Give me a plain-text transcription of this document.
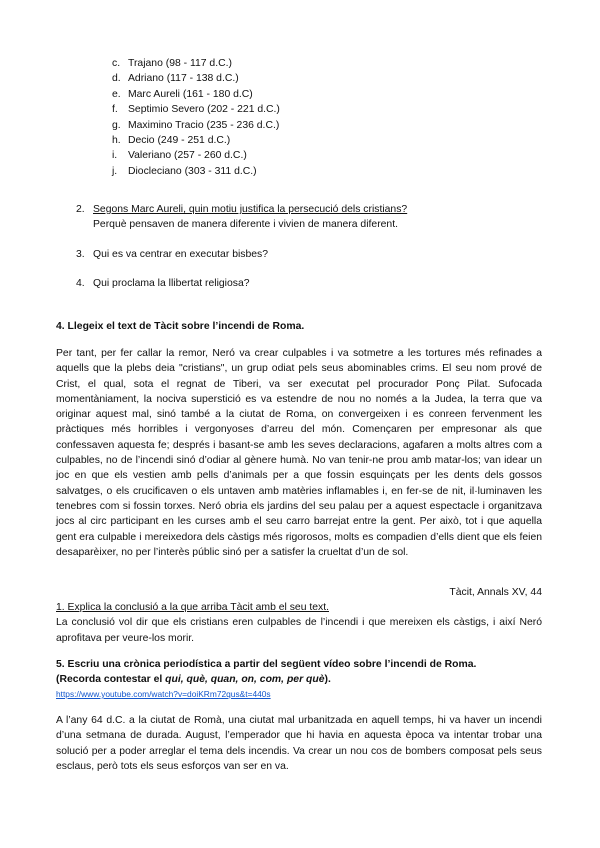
c. Trajano (98 - 117 d.C.)
d. Adriano (117 - 138 d.C.)
e. Marc Aureli (161 - 180 d.C)
f. Septimio Severo (202 - 221 d.C.)
g. Maximino Tracio (235 - 236 d.C.)
h. Decio (249 - 251 d.C.)
i. Valeriano (257 - 260 d.C.)
j. Diocleciano (303 - 311 d.C.)
2. Segons Marc Aureli, quin motiu justifica la persecució dels cristians?
Perquè pensaven de manera diferente i vivien de manera diferent.
3. Qui es va centrar en executar bisbes?
4. Qui proclama la llibertat religiosa?
4. Llegeix el text de Tàcit sobre l’incendi de Roma.

Per tant, per fer callar la remor, Neró va crear culpables i va sotmetre a les tortures més refinades a aquells que la plebs deia "cristians", un grup odiat pels seus abominables crims. El seu nom prové de Crist, el qual, sota el regnat de Tiberi, va ser executat pel procurador Ponç Pilat. Sufocada momentàniament, la nociva superstició es va estendre de nou no només a la Judea, la terra que va originar aquest mal, sinó també a la ciutat de Roma, on convergeixen i es conreen fervenment les pràctiques més horribles i vergonyoses d’arreu del món. Començaren per empresonar als que confessaven aquesta fe; després i basant-se amb les seves declaracions, agafaren a molts altres com a culpables, no de l’incendi sinó d’odiar al gènere humà. No van tenir-ne prou amb matar-los; van idear un joc en que els vestien amb pells d’animals per a que fossin esquinçats per les dents dels gossos salvatges, o els crucificaven o els untaven amb matèries inflamables i, en fer-se de nit, il·luminaven les tenebres com si fossin torxes. Neró obria els jardins del seu palau per a aquest espectacle i organitzava jocs al circ participant en les curses amb el seu carro barrejat entre la gent. Per això, tot i que aquella gent era culpable i mereixedora dels càstigs més rigorosos, molts es compadien d’ells dient que els feien desaparèixer, no per l’interès públic sinó per a satisfer la crueltat d’un de sol.

Tàcit, Annals XV, 44
1. Explica la conclusió a la que arriba Tàcit amb el seu text.
La conclusió vol dir que els cristians eren culpables de l’incendi i que mereixen els càstigs, i així Neró aprofitava per veure-los morir.
5. Escriu una crònica periodística a partir del següent vídeo sobre l’incendi de Roma.
(Recorda contestar el qui, què, quan, on, com, per què).
https://www.youtube.com/watch?v=doiKRm72qus&t=440s

A l’any 64 d.C. a la ciutat de Romà, una ciutat mal urbanitzada en aquell temps, hi va haver un incendi d’una setmana de durada. August, l’emperador que hi havia en aquesta època va intentar trobar una solució per a poder arreglar el tema dels incendis. Va crear un nou cos de bombers composat pels seus esclaus, però tots els seus esforços van ser en va.
